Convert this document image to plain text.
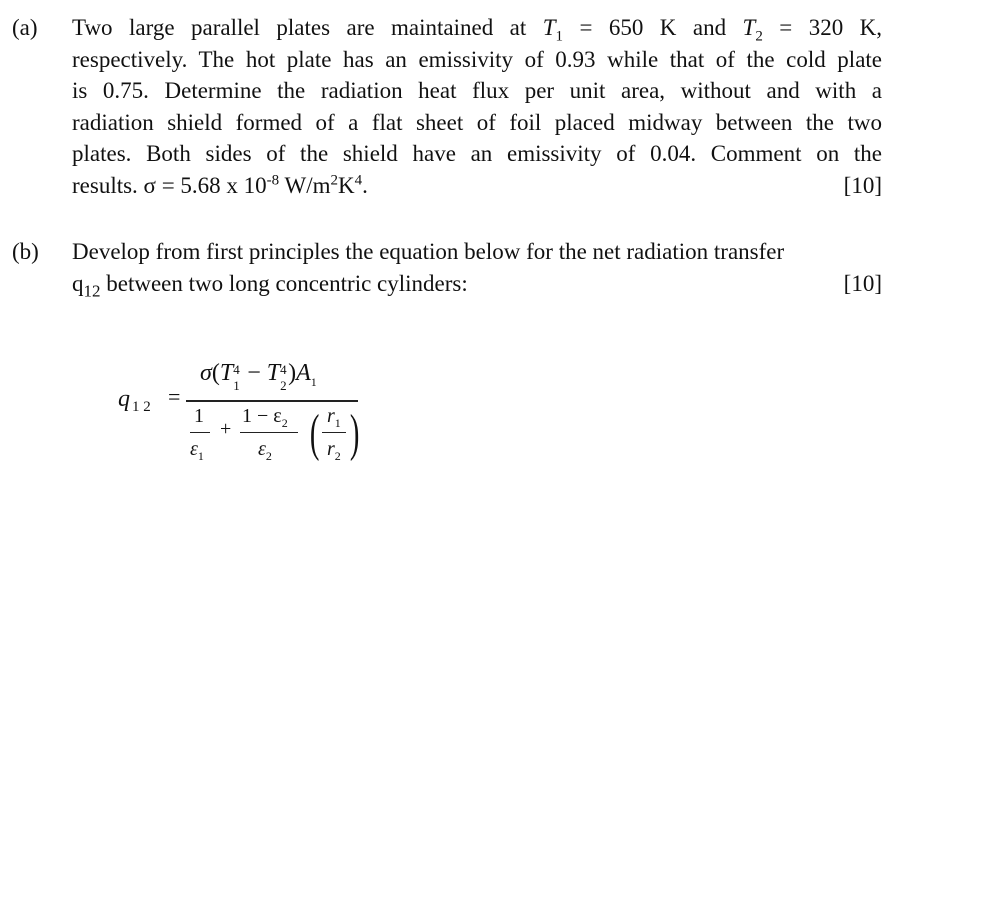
(a) Two large parallel plates are maintained at $T_1 = 650$ K and $T_2 = 320$ K,
respectively. The hot plate has an emissivity of 0.93 while that of the cold plate
is 0.75. Determine the radiation heat flux per unit area, without and with a
radiation shield formed of a flat sheet of foil placed midway between the two
plates. Both sides of the shield have an emissivity of 0.04. Comment on the
results. σ = 5.68 x $10^{-8}$ $W/m^2K^4$.	[10]
(b) Develop from first principles the equation below for the net radiation transfer
$q_{12}$ between two long concentric cylinders:	[10]
q $_{1 2}$ =
σ(T 4
1 − T 4
2 )$A_1$
1
$\varepsilon_1$
+
$1 - \varepsilon_2$
$\varepsilon_2$ ( $r_1$
$r_2$ )
